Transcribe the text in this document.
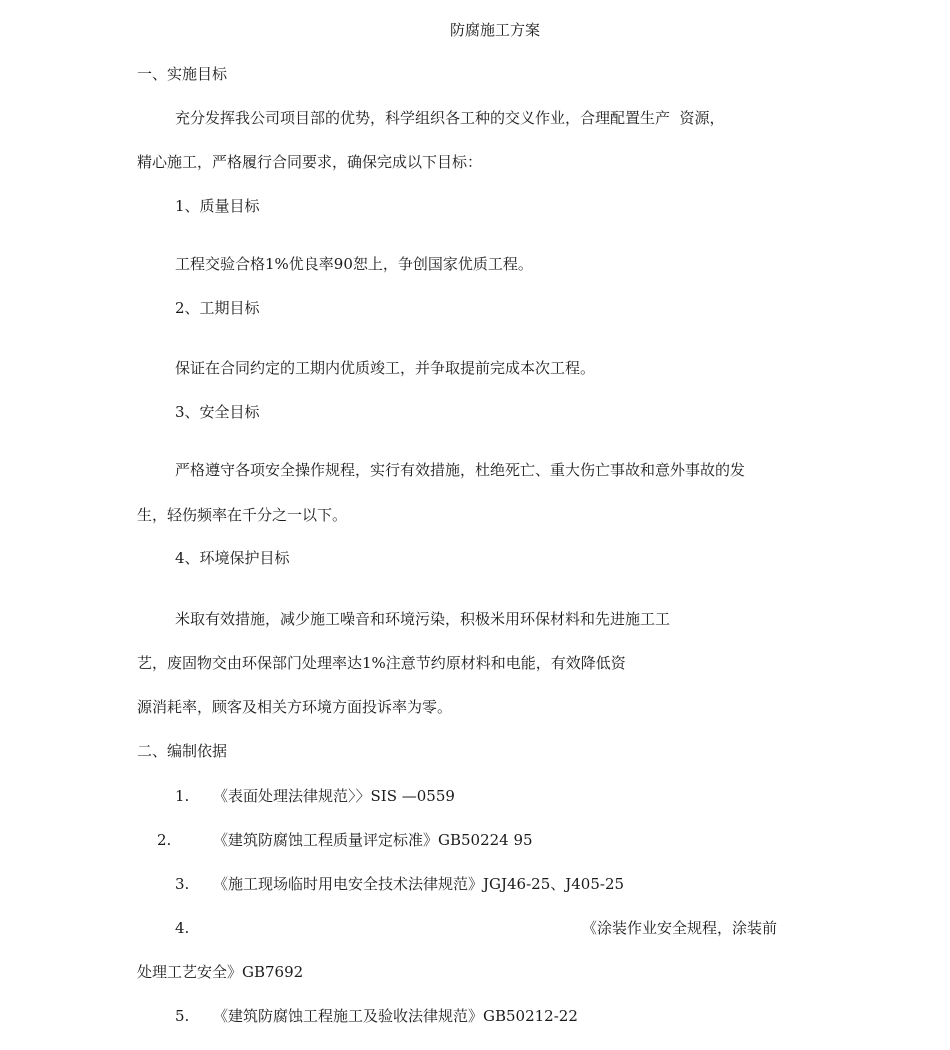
防腐施工方案
一、实施目标
充分发挥我公司项目部的优势，科学组织各工种的交义作业，合理配置生产  资源，
精心施工，严格履行合同要求，确保完成以下目标：
1、质量目标
工程交验合格1%优良率90恕上，争创国家优质工程。
2、工期目标
保证在合同约定的工期内优质竣工，并争取提前完成本次工程。
3、安全目标
严格遵守各项安全操作规程，实行有效措施，杜绝死亡、重大伤亡事故和意外事故的发
生，轻伤频率在千分之一以下。
4、环境保护目标
米取有效措施，减少施工噪音和环境污染，积极米用环保材料和先进施工工
艺，废固物交由环保部门处理率达1%注意节约原材料和电能，有效降低资
源消耗率，顾客及相关方环境方面投诉率为零。
二、编制依据
1. 《表面处理法律规范〉〉SIS —0559
2.	《建筑防腐蚀工程质量评定标准》GB50224 95
3. 《施工现场临时用电安全技术法律规范》JGJ46-25、J405-25
4.	《涂装作业安全规程，涂装前
处理工艺安全》GB7692
5. 《建筑防腐蚀工程施工及验收法律规范》GB50212-22
